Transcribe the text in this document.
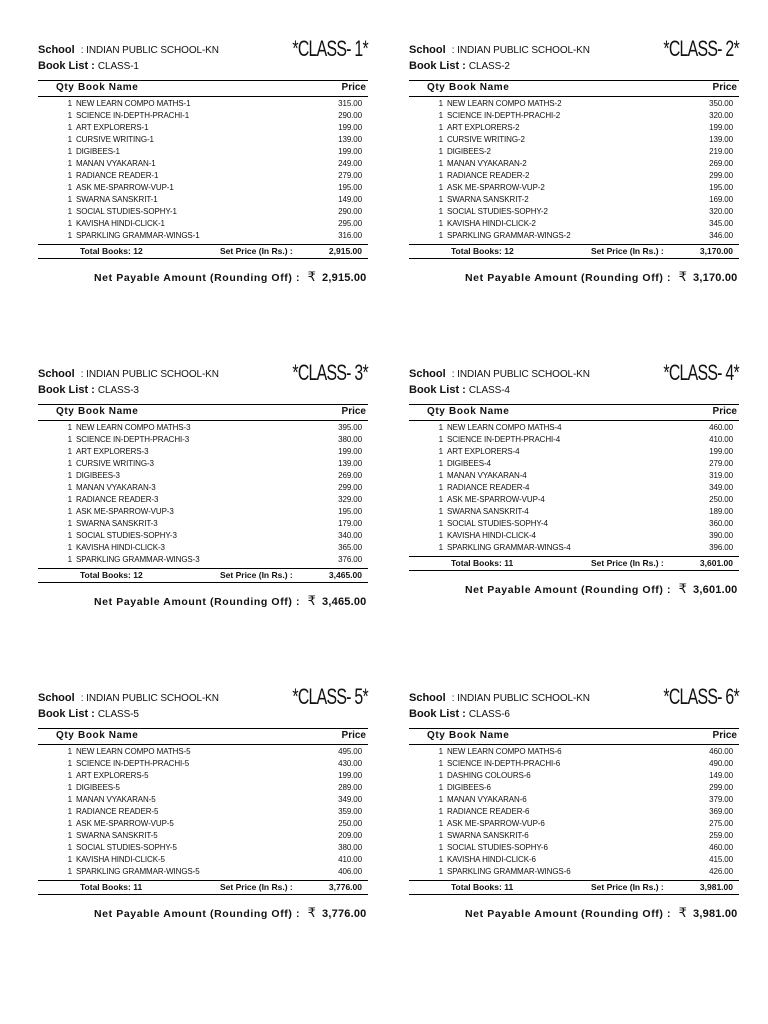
School : INDIAN PUBLIC SCHOOL-KN
Book List : CLASS-1
*CLASS- 1*
Qty Book Name	Price
1 NEW LEARN COMPO MATHS-1	315.00
1 SCIENCE IN-DEPTH-PRACHI-1	290.00
1 ART EXPLORERS-1	199.00
1 CURSIVE WRITING-1	139.00
1 DIGIBEES-1	199.00
1 MANAN VYAKARAN-1	249.00
1 RADIANCE READER-1	279.00
1 ASK ME-SPARROW-VUP-1	195.00
1 SWARNA SANSKRIT-1	149.00
1 SOCIAL STUDIES-SOPHY-1	290.00
1 KAVISHA HINDI-CLICK-1	295.00
1 SPARKLING GRAMMAR-WINGS-1	316.00
Total Books: 12	Set Price (In Rs.) :	2,915.00
Net Payable Amount (Rounding Off) : ₹ 2,915.00
School : INDIAN PUBLIC SCHOOL-KN
Book List : CLASS-2
*CLASS- 2*
Qty Book Name	Price
1 NEW LEARN COMPO MATHS-2	350.00
1 SCIENCE IN-DEPTH-PRACHI-2	320.00
1 ART EXPLORERS-2	199.00
1 CURSIVE WRITING-2	139.00
1 DIGIBEES-2	219.00
1 MANAN VYAKARAN-2	269.00
1 RADIANCE READER-2	299.00
1 ASK ME-SPARROW-VUP-2	195.00
1 SWARNA SANSKRIT-2	169.00
1 SOCIAL STUDIES-SOPHY-2	320.00
1 KAVISHA HINDI-CLICK-2	345.00
1 SPARKLING GRAMMAR-WINGS-2	346.00
Total Books: 12	Set Price (In Rs.) :	3,170.00
Net Payable Amount (Rounding Off) : ₹ 3,170.00
School : INDIAN PUBLIC SCHOOL-KN
Book List : CLASS-3
*CLASS- 3*
Qty Book Name	Price
1 NEW LEARN COMPO MATHS-3	395.00
1 SCIENCE IN-DEPTH-PRACHI-3	380.00
1 ART EXPLORERS-3	199.00
1 CURSIVE WRITING-3	139.00
1 DIGIBEES-3	269.00
1 MANAN VYAKARAN-3	299.00
1 RADIANCE READER-3	329.00
1 ASK ME-SPARROW-VUP-3	195.00
1 SWARNA SANSKRIT-3	179.00
1 SOCIAL STUDIES-SOPHY-3	340.00
1 KAVISHA HINDI-CLICK-3	365.00
1 SPARKLING GRAMMAR-WINGS-3	376.00
Total Books: 12	Set Price (In Rs.) :	3,465.00
Net Payable Amount (Rounding Off) : ₹ 3,465.00
School : INDIAN PUBLIC SCHOOL-KN
Book List : CLASS-4
*CLASS- 4*
Qty Book Name	Price
1 NEW LEARN COMPO MATHS-4	460.00
1 SCIENCE IN-DEPTH-PRACHI-4	410.00
1 ART EXPLORERS-4	199.00
1 DIGIBEES-4	279.00
1 MANAN VYAKARAN-4	319.00
1 RADIANCE READER-4	349.00
1 ASK ME-SPARROW-VUP-4	250.00
1 SWARNA SANSKRIT-4	189.00
1 SOCIAL STUDIES-SOPHY-4	360.00
1 KAVISHA HINDI-CLICK-4	390.00
1 SPARKLING GRAMMAR-WINGS-4	396.00
Total Books: 11	Set Price (In Rs.) :	3,601.00
Net Payable Amount (Rounding Off) : ₹ 3,601.00
School : INDIAN PUBLIC SCHOOL-KN
Book List : CLASS-5
*CLASS- 5*
Qty Book Name	Price
1 NEW LEARN COMPO MATHS-5	495.00
1 SCIENCE IN-DEPTH-PRACHI-5	430.00
1 ART EXPLORERS-5	199.00
1 DIGIBEES-5	289.00
1 MANAN VYAKARAN-5	349.00
1 RADIANCE READER-5	359.00
1 ASK ME-SPARROW-VUP-5	250.00
1 SWARNA SANSKRIT-5	209.00
1 SOCIAL STUDIES-SOPHY-5	380.00
1 KAVISHA HINDI-CLICK-5	410.00
1 SPARKLING GRAMMAR-WINGS-5	406.00
Total Books: 11	Set Price (In Rs.) :	3,776.00
Net Payable Amount (Rounding Off) : ₹ 3,776.00
School : INDIAN PUBLIC SCHOOL-KN
Book List : CLASS-6
*CLASS- 6*
Qty Book Name	Price
1 NEW LEARN COMPO MATHS-6	460.00
1 SCIENCE IN-DEPTH-PRACHI-6	490.00
1 DASHING COLOURS-6	149.00
1 DIGIBEES-6	299.00
1 MANAN VYAKARAN-6	379.00
1 RADIANCE READER-6	369.00
1 ASK ME-SPARROW-VUP-6	275.00
1 SWARNA SANSKRIT-6	259.00
1 SOCIAL STUDIES-SOPHY-6	460.00
1 KAVISHA HINDI-CLICK-6	415.00
1 SPARKLING GRAMMAR-WINGS-6	426.00
Total Books: 11	Set Price (In Rs.) :	3,981.00
Net Payable Amount (Rounding Off) : ₹ 3,981.00
